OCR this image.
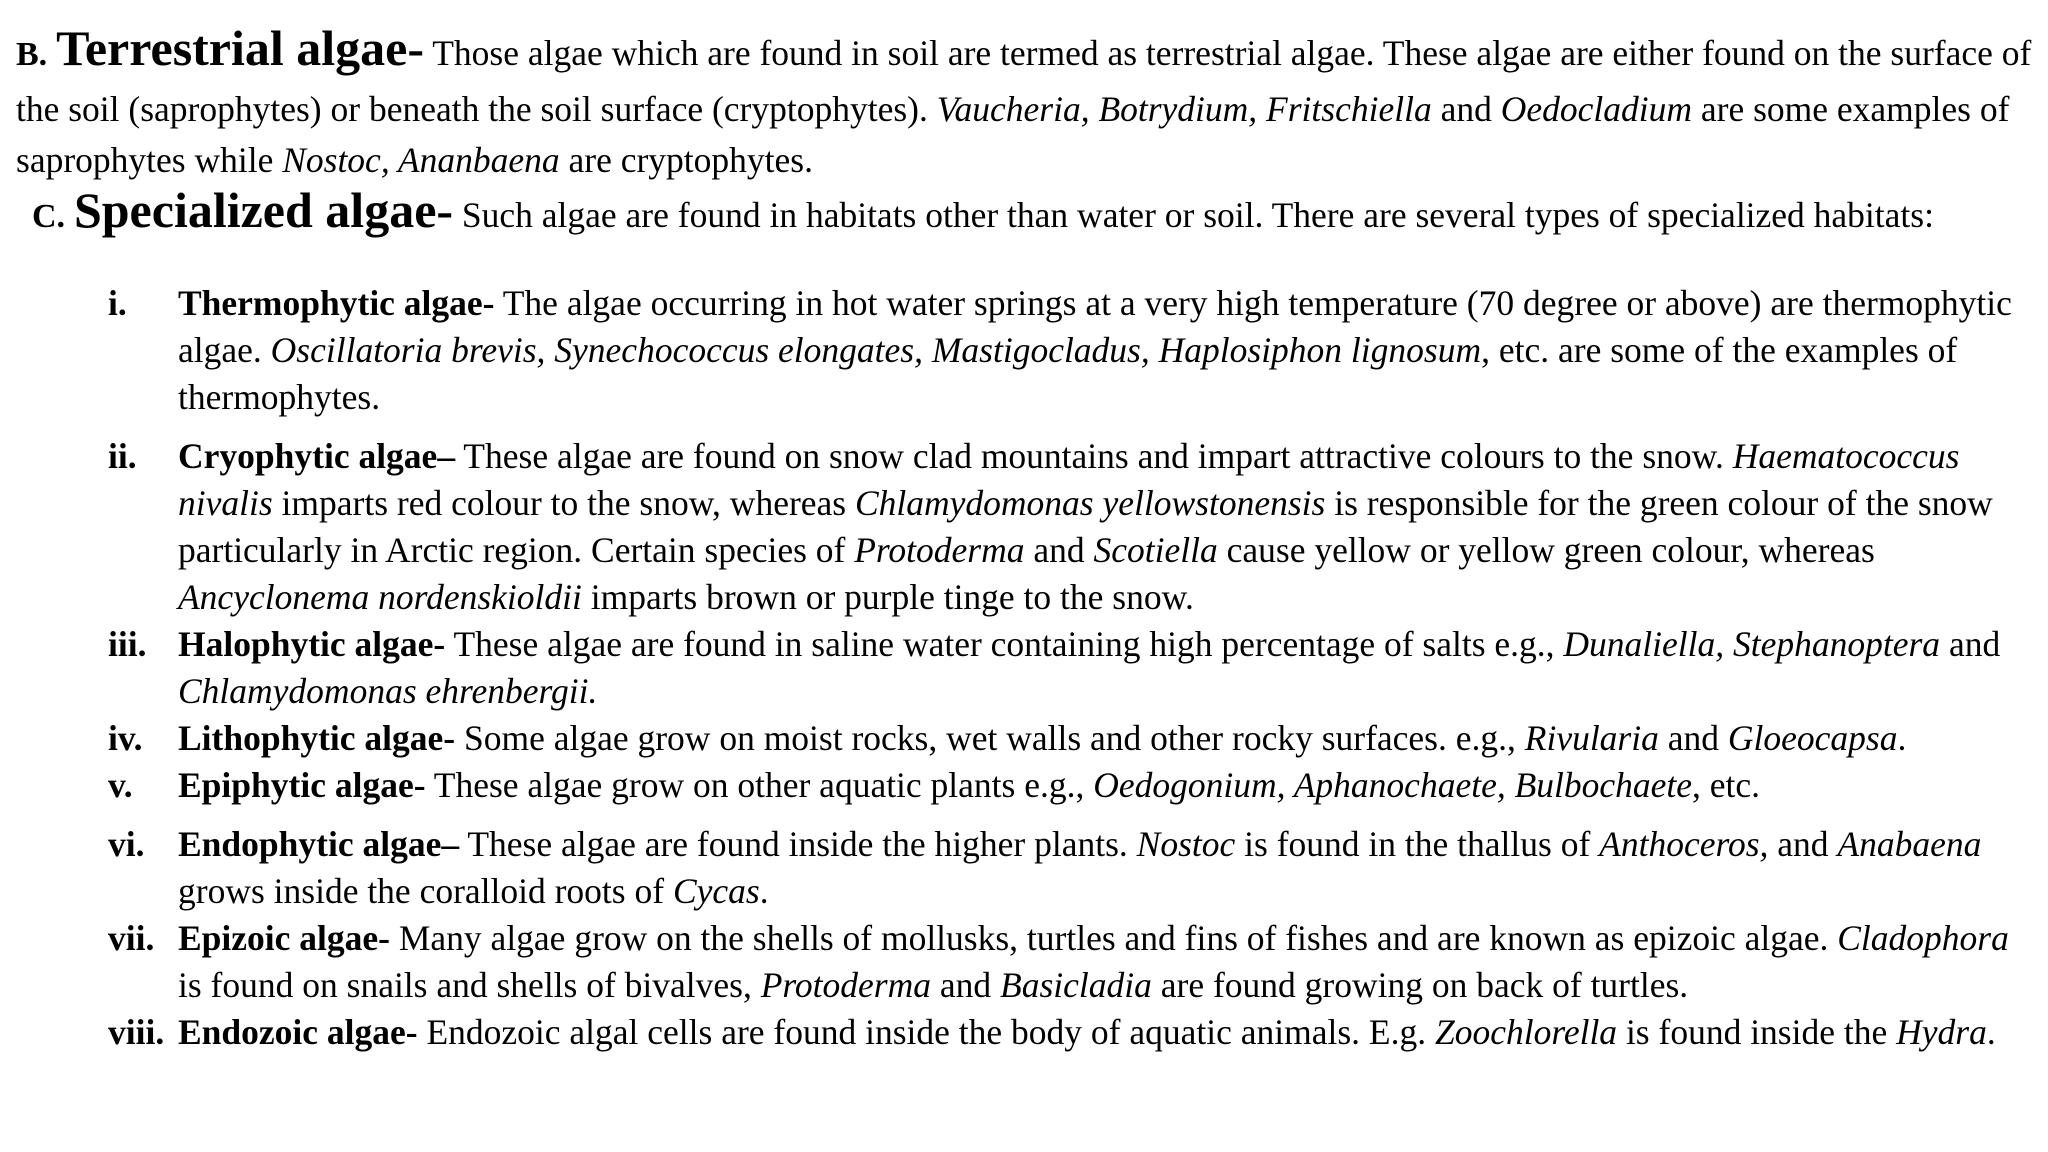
B. Terrestrial algae- Those algae which are found in soil are termed as terrestrial algae. These algae are either found on the surface of the soil (saprophytes) or beneath the soil surface (cryptophytes). Vaucheria, Botrydium, Fritschiella and Oedocladium are some examples of saprophytes while Nostoc, Ananbaena are cryptophytes.
C. Specialized algae- Such algae are found in habitats other than water or soil. There are several types of specialized habitats:
i.	Thermophytic algae- The algae occurring in hot water springs at a very high temperature (70 degree or above) are thermophytic algae. Oscillatoria brevis, Synechococcus elongates, Mastigocladus, Haplosiphon lignosum, etc. are some of the examples of thermophytes.
ii.	Cryophytic algae– These algae are found on snow clad mountains and impart attractive colours to the snow. Haematococcus nivalis imparts red colour to the snow, whereas Chlamydomonas yellowstonensis is responsible for the green colour of the snow particularly in Arctic region. Certain species of Protoderma and Scotiella cause yellow or yellow green colour, whereas Ancyclonema nordenskioldii imparts brown or purple tinge to the snow.
iii. Halophytic algae- These algae are found in saline water containing high percentage of salts e.g., Dunaliella, Stephanoptera and Chlamydomonas ehrenbergii.
iv. Lithophytic algae- Some algae grow on moist rocks, wet walls and other rocky surfaces. e.g., Rivularia and Gloeocapsa.
v.	Epiphytic algae- These algae grow on other aquatic plants e.g., Oedogonium, Aphanochaete, Bulbochaete, etc.
vi. Endophytic algae– These algae are found inside the higher plants. Nostoc is found in the thallus of Anthoceros, and Anabaena grows inside the coralloid roots of Cycas.
vii. Epizoic algae- Many algae grow on the shells of mollusks, turtles and fins of fishes and are known as epizoic algae. Cladophora is found on snails and shells of bivalves, Protoderma and Basicladia are found growing on back of turtles.
viii. Endozoic algae- Endozoic algal cells are found inside the body of aquatic animals. E.g. Zoochlorella is found inside the Hydra.
